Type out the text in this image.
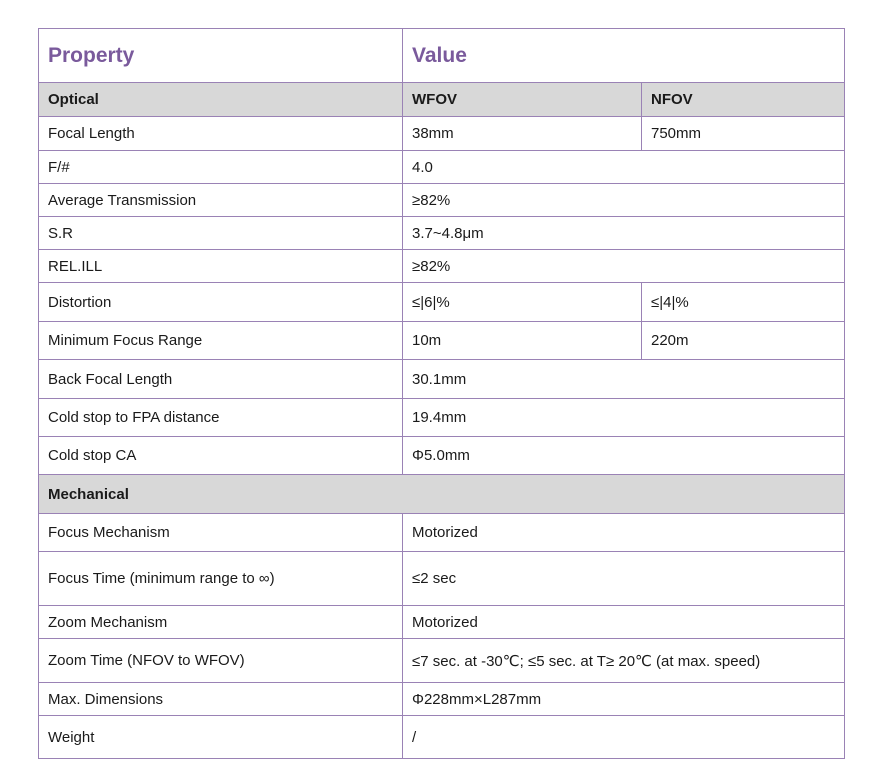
Property	Value	
Optical	WFOV	NFOV
Focal Length	38mm	750mm
F/#	4.0	
Average Transmission	≥82%	
S.R	3.7~4.8μm	
REL.ILL	≥82%	
Distortion	≤|6|%	≤|4|%
Minimum Focus Range	10m	220m
Back Focal Length	30.1mm	
Cold stop to FPA distance	19.4mm	
Cold stop CA	Φ5.0mm	
Mechanical		
Focus Mechanism	Motorized	
Focus Time (minimum range to ∞)	≤2 sec	
Zoom Mechanism	Motorized	
Zoom Time (NFOV to WFOV)	≤7 sec. at -30℃; ≤5 sec. at T≥ 20℃ (at max. speed)	
Max. Dimensions	Φ228mm×L287mm	
Weight	/	
